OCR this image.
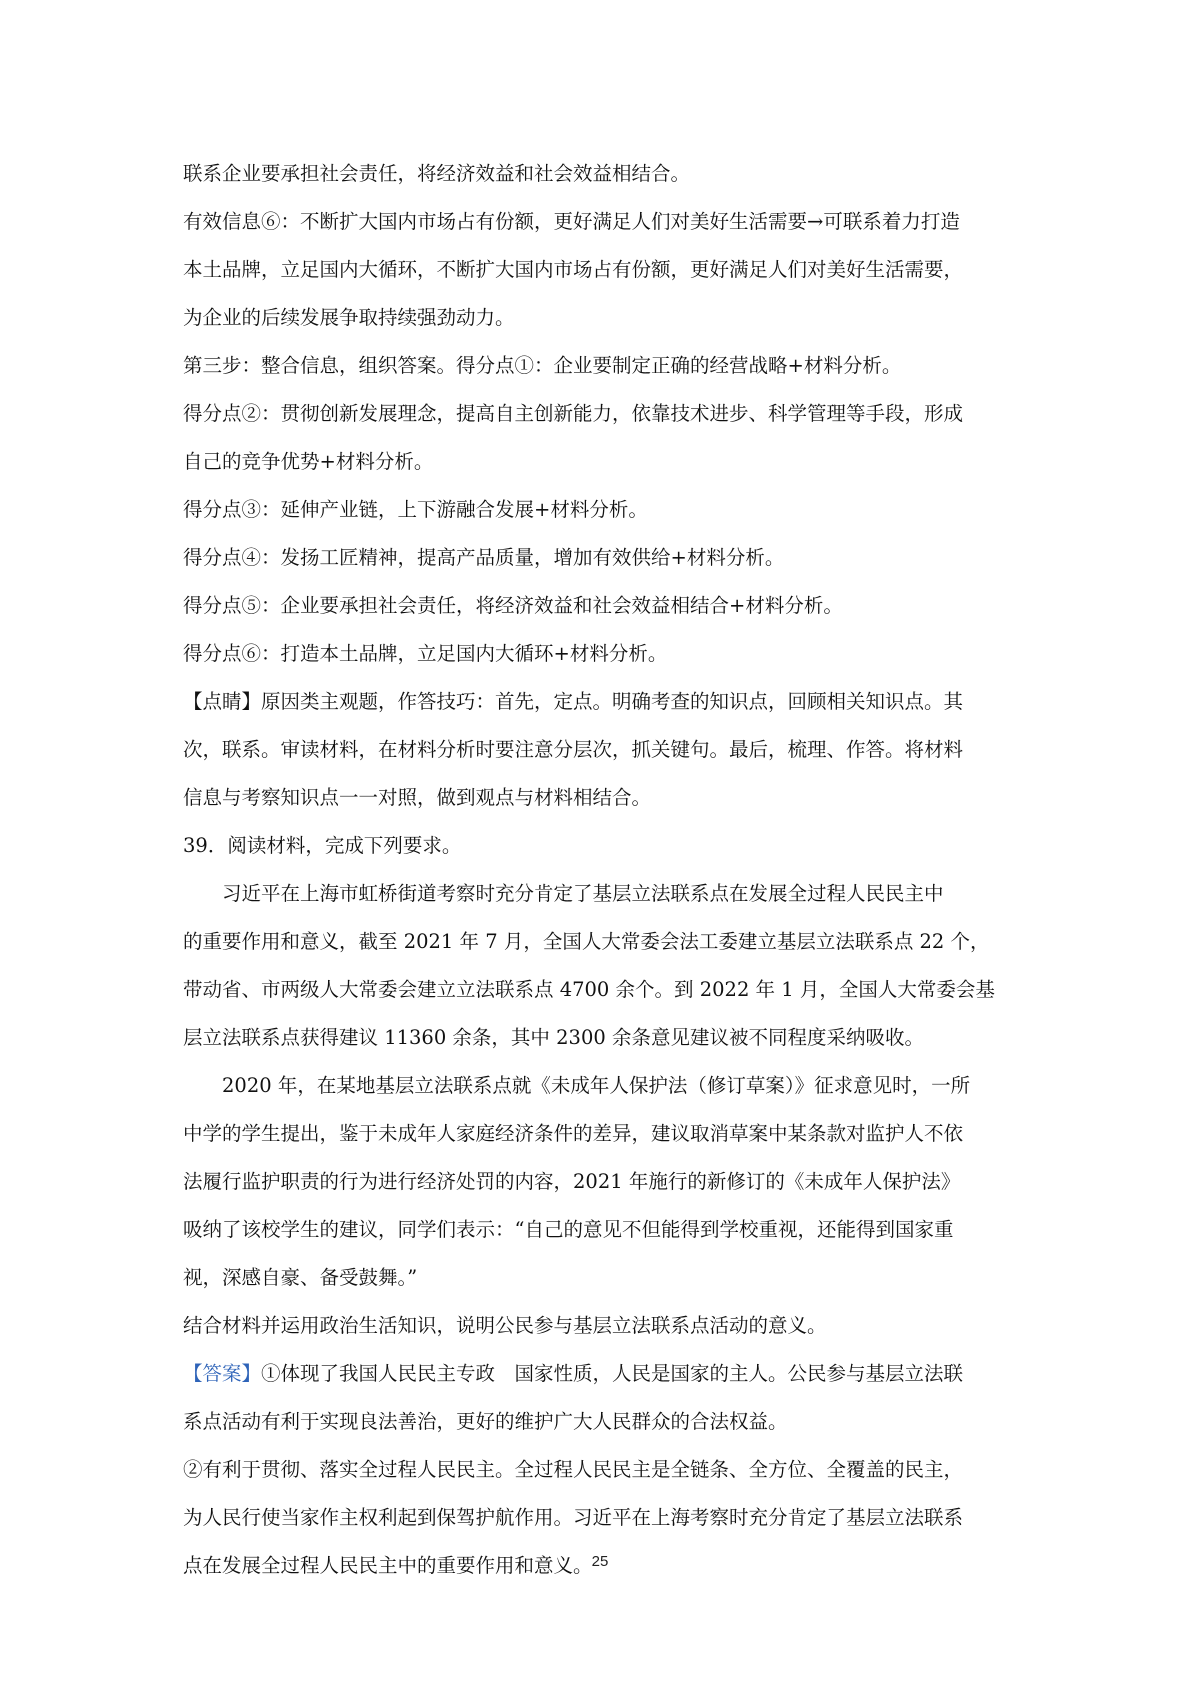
联系企业要承担社会责任，将经济效益和社会效益相结合。
有效信息⑥：不断扩大国内市场占有份额，更好满足人们对美好生活需要→可联系着力打造
本土品牌，立足国内大循环，不断扩大国内市场占有份额，更好满足人们对美好生活需要，
为企业的后续发展争取持续强劲动力。
第三步：整合信息，组织答案。得分点①：企业要制定正确的经营战略+材料分析。
得分点②：贯彻创新发展理念，提高自主创新能力，依靠技术进步、科学管理等手段，形成
自己的竞争优势+材料分析。
得分点③：延伸产业链，上下游融合发展+材料分析。
得分点④：发扬工匠精神，提高产品质量，增加有效供给+材料分析。
得分点⑤：企业要承担社会责任，将经济效益和社会效益相结合+材料分析。
得分点⑥：打造本土品牌，立足国内大循环+材料分析。
【点睛】原因类主观题，作答技巧：首先，定点。明确考查的知识点，回顾相关知识点。其
次，联系。审读材料，在材料分析时要注意分层次，抓关键句。最后，梳理、作答。将材料
信息与考察知识点一一对照，做到观点与材料相结合。
39．阅读材料，完成下列要求。
习近平在上海市虹桥街道考察时充分肯定了基层立法联系点在发展全过程人民民主中
的重要作用和意义，截至 2021 年 7 月，全国人大常委会法工委建立基层立法联系点 22 个，
带动省、市两级人大常委会建立立法联系点 4700 余个。到 2022 年 1 月，全国人大常委会基
层立法联系点获得建议 11360 余条，其中 2300 余条意见建议被不同程度采纳吸收。
2020 年，在某地基层立法联系点就《未成年人保护法（修订草案）》征求意见时，一所
中学的学生提出，鉴于未成年人家庭经济条件的差异，建议取消草案中某条款对监护人不依
法履行监护职责的行为进行经济处罚的内容，2021 年施行的新修订的《未成年人保护法》
吸纳了该校学生的建议，同学们表示：“自己的意见不但能得到学校重视，还能得到国家重
视，深感自豪、备受鼓舞。”
结合材料并运用政治生活知识，说明公民参与基层立法联系点活动的意义。
【答案】①体现了我国人民民主专政　国家性质，人民是国家的主人。公民参与基层立法联
系点活动有利于实现良法善治，更好的维护广大人民群众的合法权益。
②有利于贯彻、落实全过程人民民主。全过程人民民主是全链条、全方位、全覆盖的民主，
为人民行使当家作主权利起到保驾护航作用。习近平在上海考察时充分肯定了基层立法联系
点在发展全过程人民民主中的重要作用和意义。 25
